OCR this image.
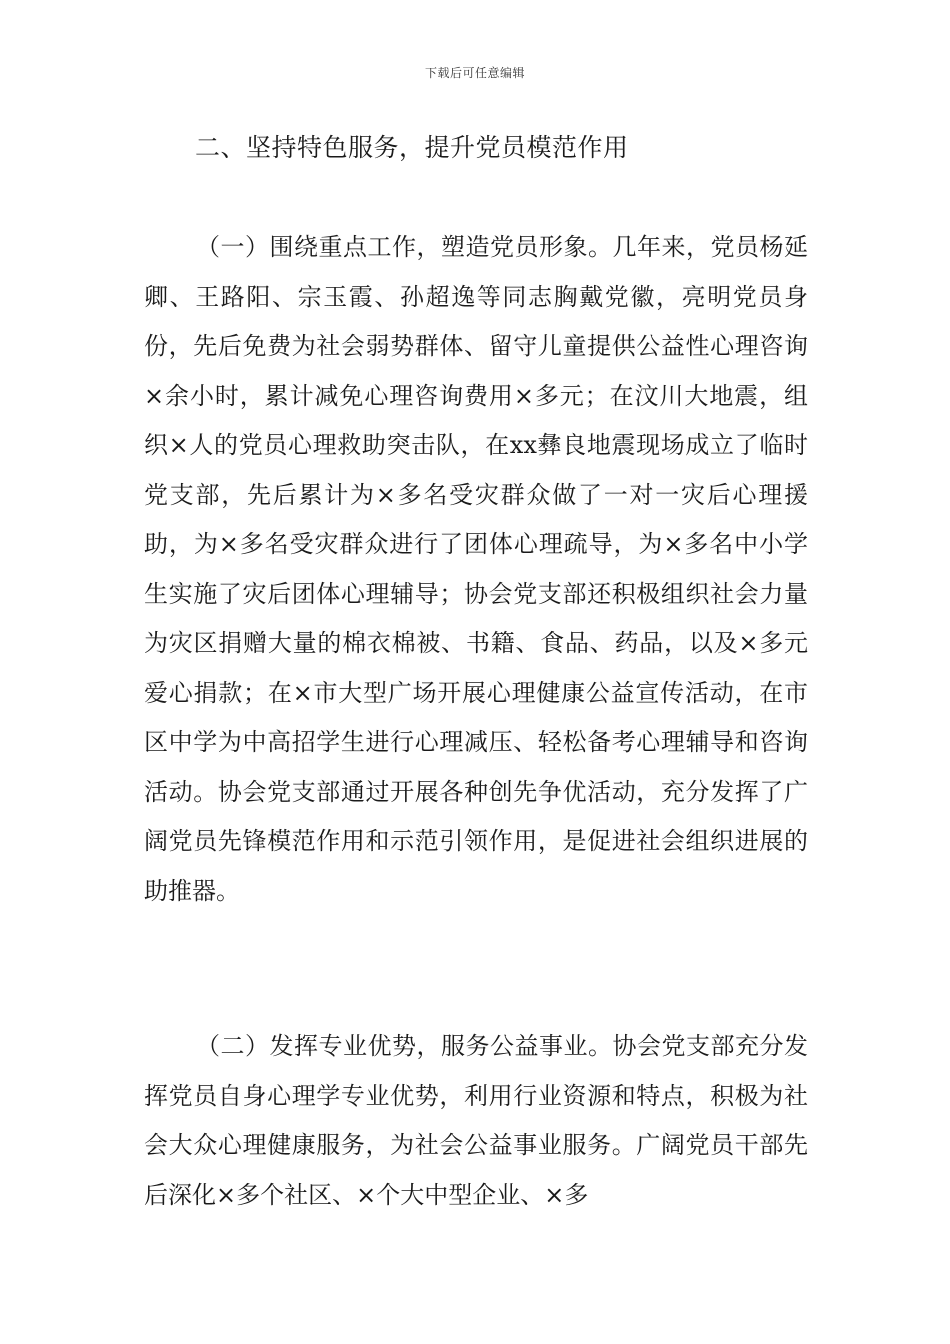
下载后可任意编辑
二、坚持特色服务，提升党员模范作用

（一）围绕重点工作，塑造党员形象。几年来，党员杨延卿、王路阳、宗玉霞、孙超逸等同志胸戴党徽，亮明党员身份，先后免费为社会弱势群体、留守儿童提供公益性心理咨询×余小时，累计减免心理咨询费用×多元；在汶川大地震，组织×人的党员心理救助突击队，在xx彝良地震现场成立了临时党支部，先后累计为×多名受灾群众做了一对一灾后心理援助，为×多名受灾群众进行了团体心理疏导，为×多名中小学生实施了灾后团体心理辅导；协会党支部还积极组织社会力量为灾区捐赠大量的棉衣棉被、书籍、食品、药品，以及×多元爱心捐款；在×市大型广场开展心理健康公益宣传活动，在市区中学为中高招学生进行心理减压、轻松备考心理辅导和咨询活动。协会党支部通过开展各种创先争优活动，充分发挥了广阔党员先锋模范作用和示范引领作用，是促进社会组织进展的助推器。

（二）发挥专业优势，服务公益事业。协会党支部充分发挥党员自身心理学专业优势，利用行业资源和特点，积极为社会大众心理健康服务，为社会公益事业服务。广阔党员干部先后深化×多个社区、×个大中型企业、×多
